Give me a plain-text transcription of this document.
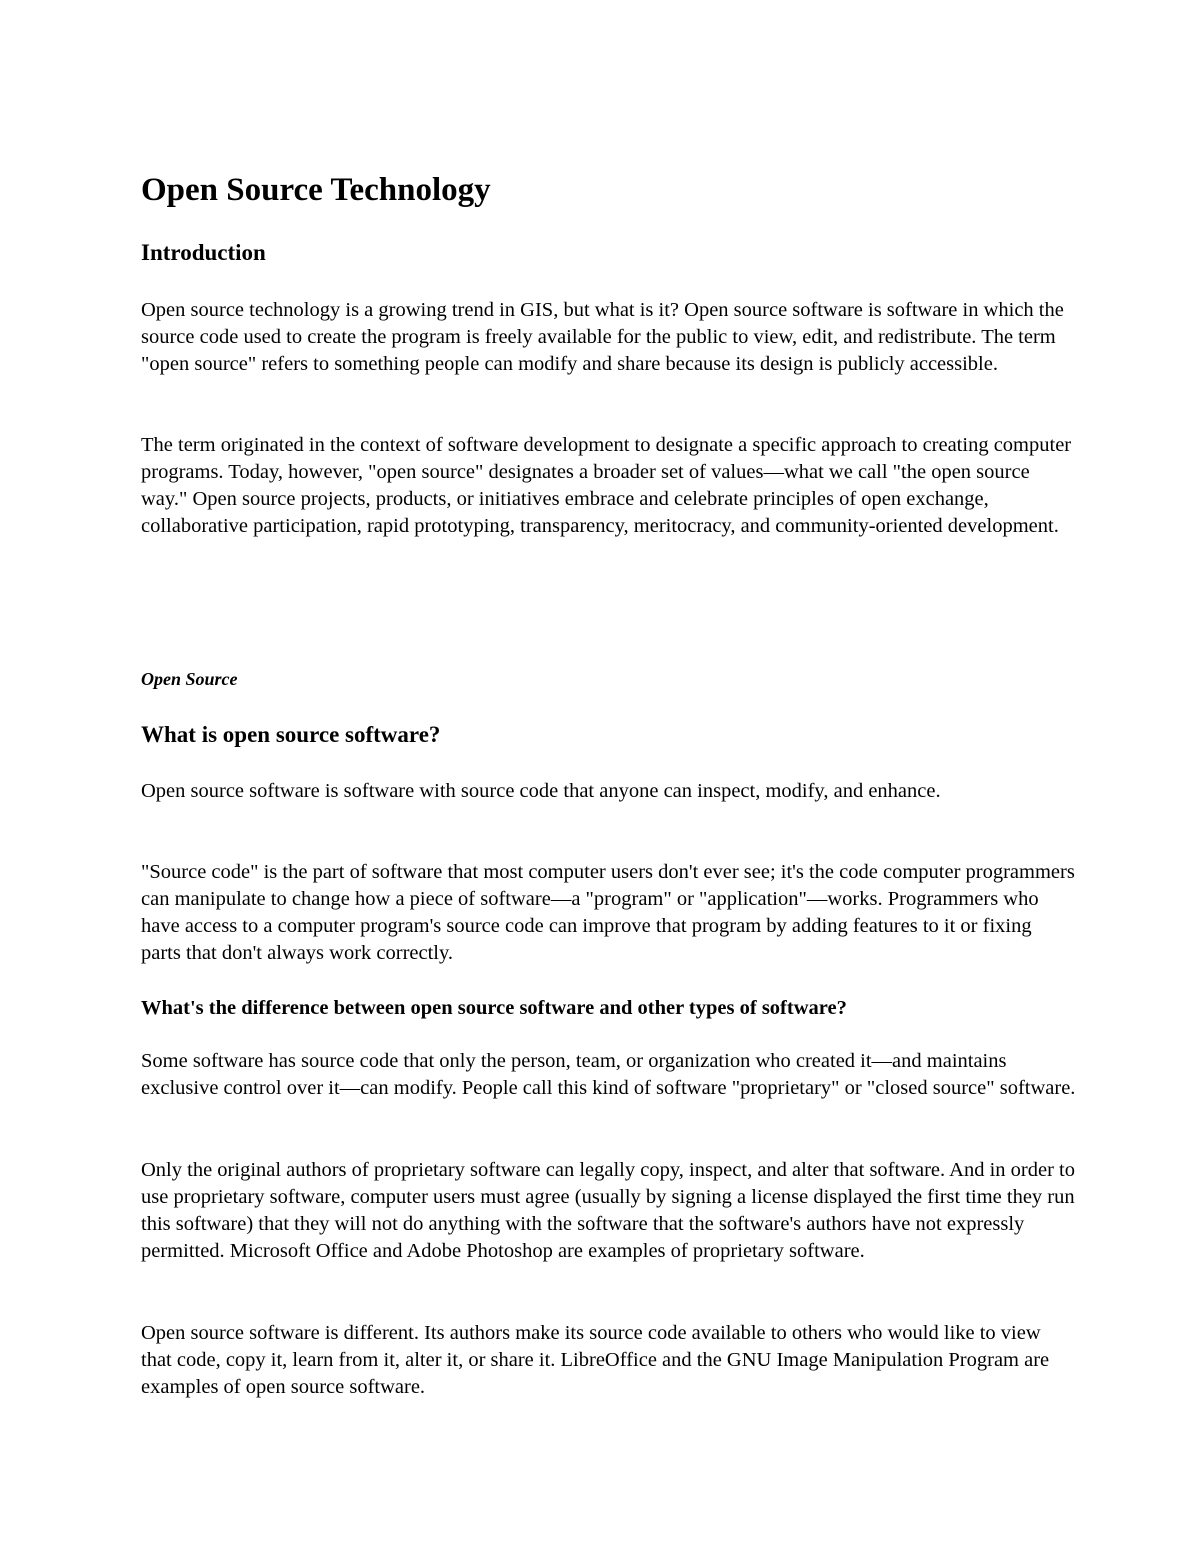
Open Source Technology
Introduction

Open source technology is a growing trend in GIS, but what is it? Open source software is software in which the source code used to create the program is freely available for the public to view, edit, and redistribute. The term "open source" refers to something people can modify and share because its design is publicly accessible.

The term originated in the context of software development to designate a specific approach to creating computer programs. Today, however, "open source" designates a broader set of values—what we call "the open source way." Open source projects, products, or initiatives embrace and celebrate principles of open exchange, collaborative participation, rapid prototyping, transparency, meritocracy, and community-oriented development.

Open Source
What is open source software?

Open source software is software with source code that anyone can inspect, modify, and enhance.

"Source code" is the part of software that most computer users don't ever see; it's the code computer programmers can manipulate to change how a piece of software—a "program" or "application"—works. Programmers who have access to a computer program's source code can improve that program by adding features to it or fixing parts that don't always work correctly.

What's the difference between open source software and other types of software?

Some software has source code that only the person, team, or organization who created it—and maintains exclusive control over it—can modify. People call this kind of software "proprietary" or "closed source" software.

Only the original authors of proprietary software can legally copy, inspect, and alter that software. And in order to use proprietary software, computer users must agree (usually by signing a license displayed the first time they run this software) that they will not do anything with the software that the software's authors have not expressly permitted. Microsoft Office and Adobe Photoshop are examples of proprietary software.

Open source software is different. Its authors make its source code available to others who would like to view that code, copy it, learn from it, alter it, or share it. LibreOffice and the GNU Image Manipulation Program are examples of open source software.
